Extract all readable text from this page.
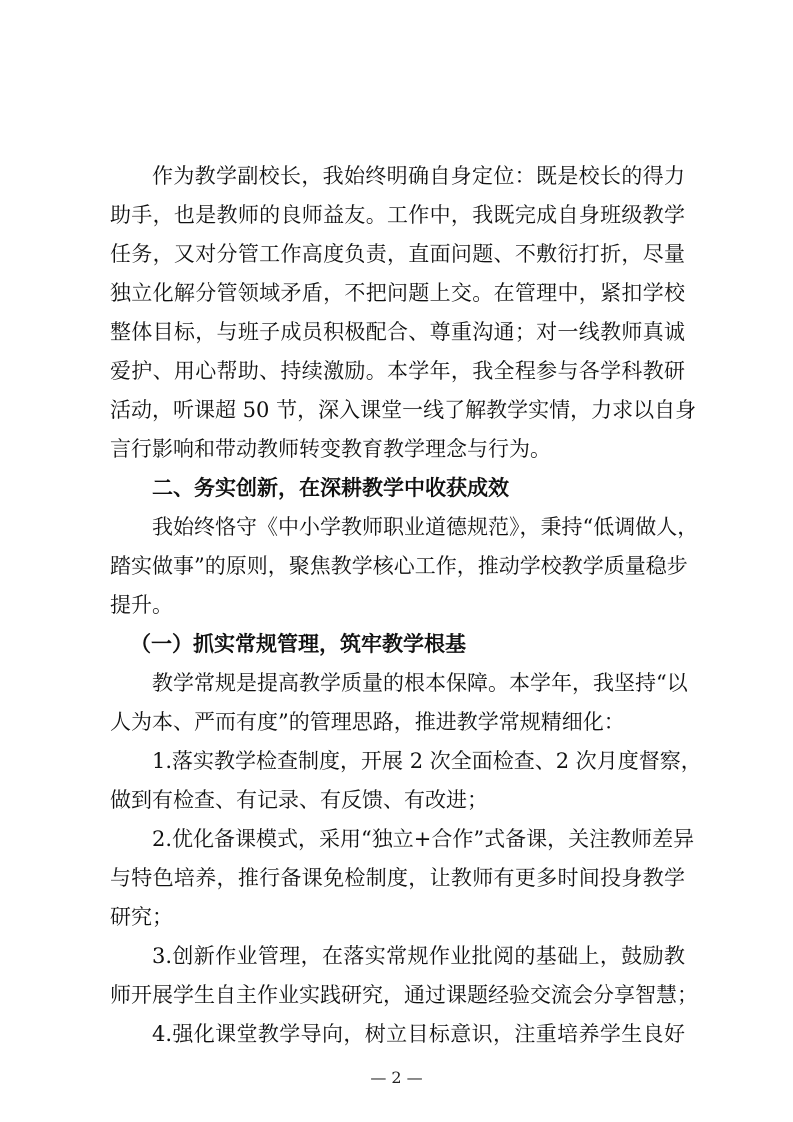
作为教学副校长，我始终明确自身定位：既是校长的得力
助手，也是教师的良师益友。工作中，我既完成自身班级教学
任务，又对分管工作高度负责，直面问题、不敷衍打折，尽量
独立化解分管领域矛盾，不把问题上交。在管理中，紧扣学校
整体目标，与班子成员积极配合、尊重沟通；对一线教师真诚
爱护、用心帮助、持续激励。本学年，我全程参与各学科教研
活动，听课超 50 节，深入课堂一线了解教学实情，力求以自身
言行影响和带动教师转变教育教学理念与行为。
二、务实创新，在深耕教学中收获成效
我始终恪守《中小学教师职业道德规范》，秉持“低调做人，
踏实做事”的原则，聚焦教学核心工作，推动学校教学质量稳步
提升。
（一）抓实常规管理，筑牢教学根基
教学常规是提高教学质量的根本保障。本学年，我坚持“以
人为本、严而有度”的管理思路，推进教学常规精细化：
1.落实教学检查制度，开展 2 次全面检查、2 次月度督察，
做到有检查、有记录、有反馈、有改进；
2.优化备课模式，采用“独立+合作”式备课，关注教师差异
与特色培养，推行备课免检制度，让教师有更多时间投身教学
研究；
3.创新作业管理，在落实常规作业批阅的基础上，鼓励教
师开展学生自主作业实践研究，通过课题经验交流会分享智慧；
4.强化课堂教学导向，树立目标意识，注重培养学生良好
— 2 —
